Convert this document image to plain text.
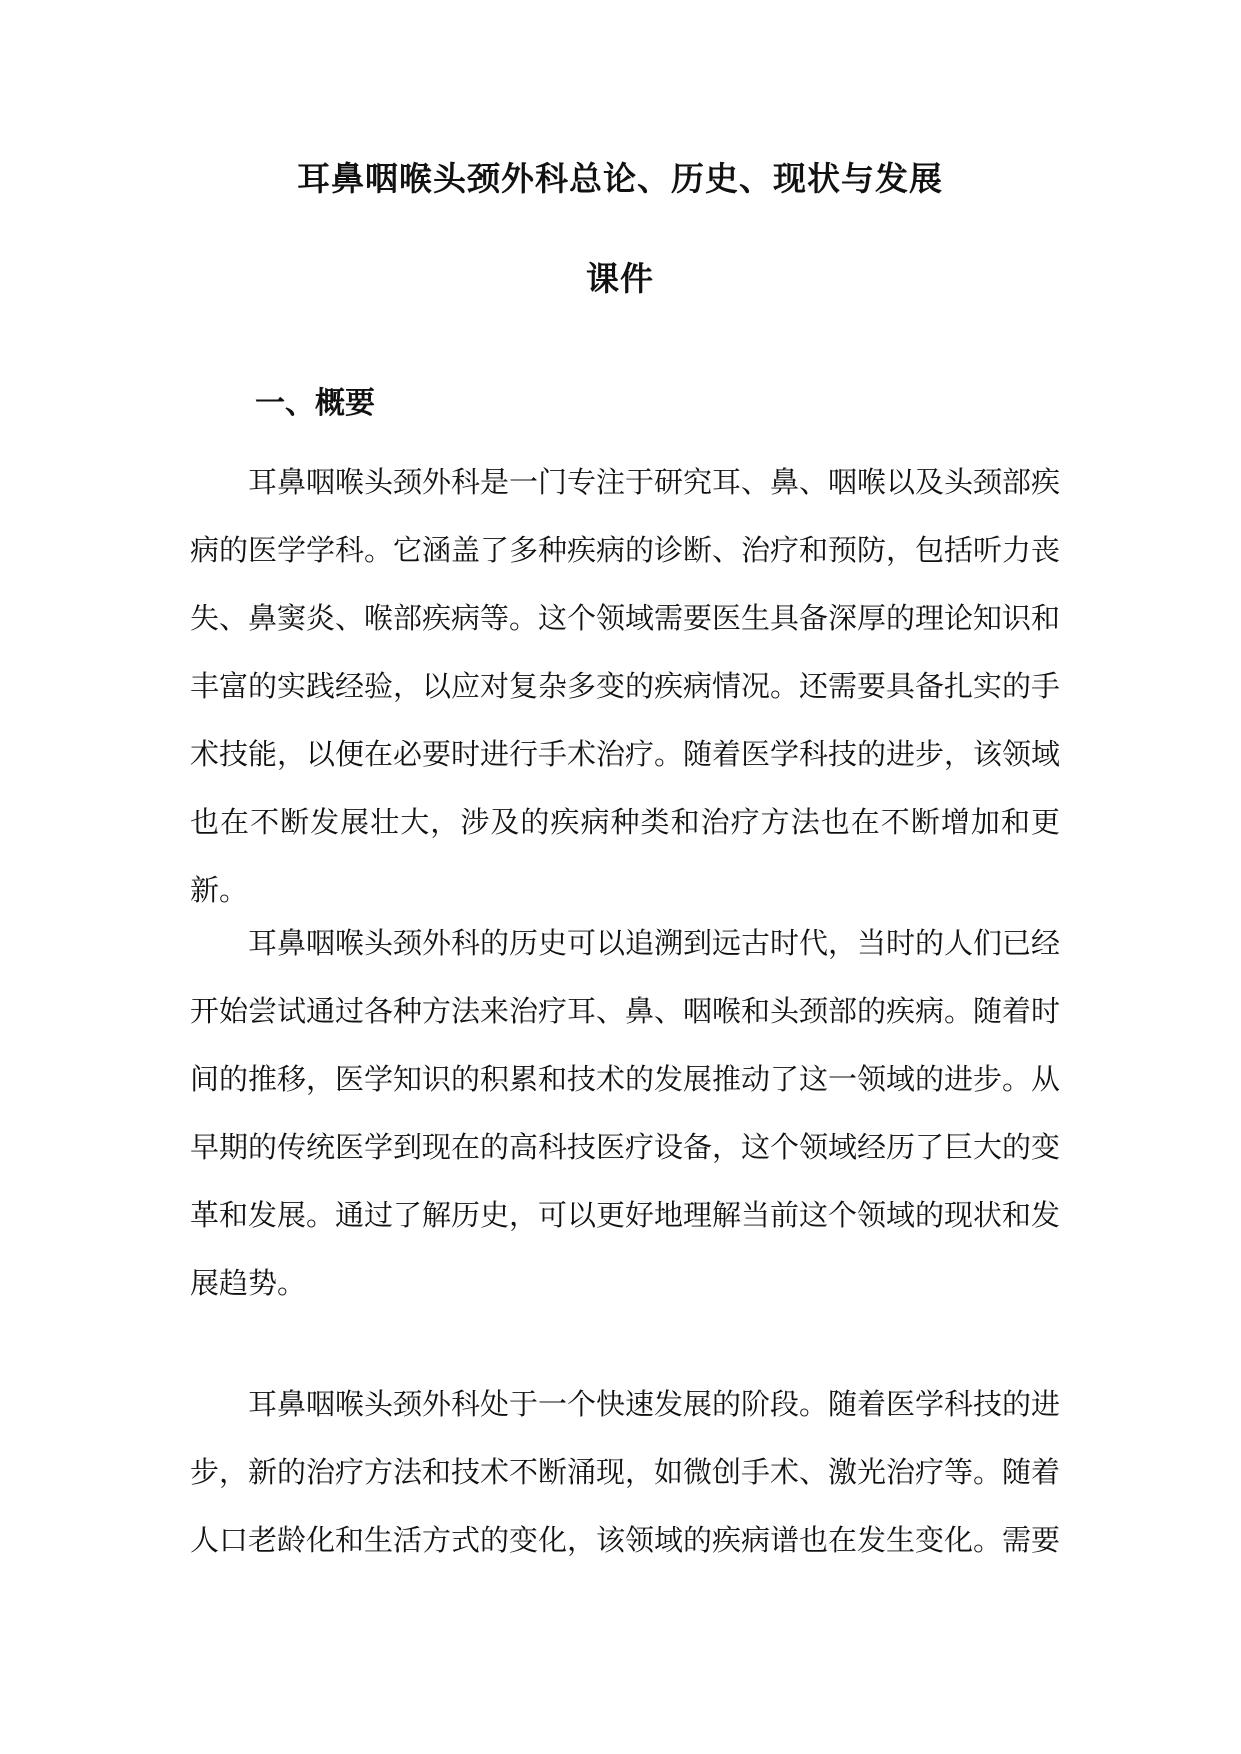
耳鼻咽喉头颈外科总论、历史、现状与发展
课件
一、概要

耳鼻咽喉头颈外科是一门专注于研究耳、鼻、咽喉以及头颈部疾病的医学学科。它涵盖了多种疾病的诊断、治疗和预防，包括听力丧失、鼻窦炎、喉部疾病等。这个领域需要医生具备深厚的理论知识和丰富的实践经验，以应对复杂多变的疾病情况。还需要具备扎实的手术技能，以便在必要时进行手术治疗。随着医学科技的进步，该领域也在不断发展壮大，涉及的疾病种类和治疗方法也在不断增加和更新。

耳鼻咽喉头颈外科的历史可以追溯到远古时代，当时的人们已经开始尝试通过各种方法来治疗耳、鼻、咽喉和头颈部的疾病。随着时间的推移，医学知识的积累和技术的发展推动了这一领域的进步。从早期的传统医学到现在的高科技医疗设备，这个领域经历了巨大的变革和发展。通过了解历史，可以更好地理解当前这个领域的现状和发展趋势。

耳鼻咽喉头颈外科处于一个快速发展的阶段。随着医学科技的进步，新的治疗方法和技术不断涌现，如微创手术、激光治疗等。随着人口老龄化和生活方式的变化，该领域的疾病谱也在发生变化。需要
